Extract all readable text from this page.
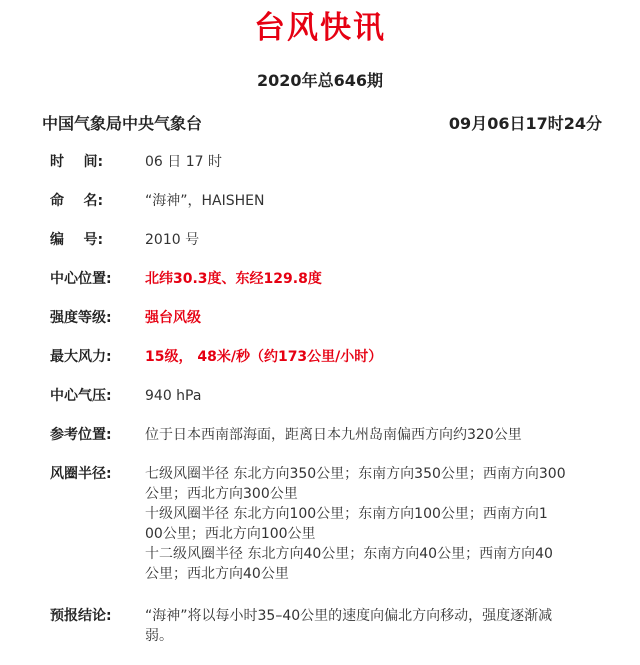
台风快讯
2020年总646期
中国气象局中央气象台	09月06日17时24分
时    间:	06 日 17 时
命    名:	“海神”，HAISHEN
编    号:	2010 号
中心位置:	北纬30.3度、东经129.8度
强度等级:	强台风级
最大风力:	15级， 48米/秒（约173公里/小时）
中心气压:	940 hPa
参考位置:	位于日本西南部海面，距离日本九州岛南偏西方向约320公里
风圈半径:	七级风圈半径 东北方向350公里；东南方向350公里；西南方向300
公里；西北方向300公里
十级风圈半径 东北方向100公里；东南方向100公里；西南方向1
00公里；西北方向100公里
十二级风圈半径 东北方向40公里；东南方向40公里；西南方向40
公里；西北方向40公里
预报结论:	“海神”将以每小时35–40公里的速度向偏北方向移动，强度逐渐减
弱。
